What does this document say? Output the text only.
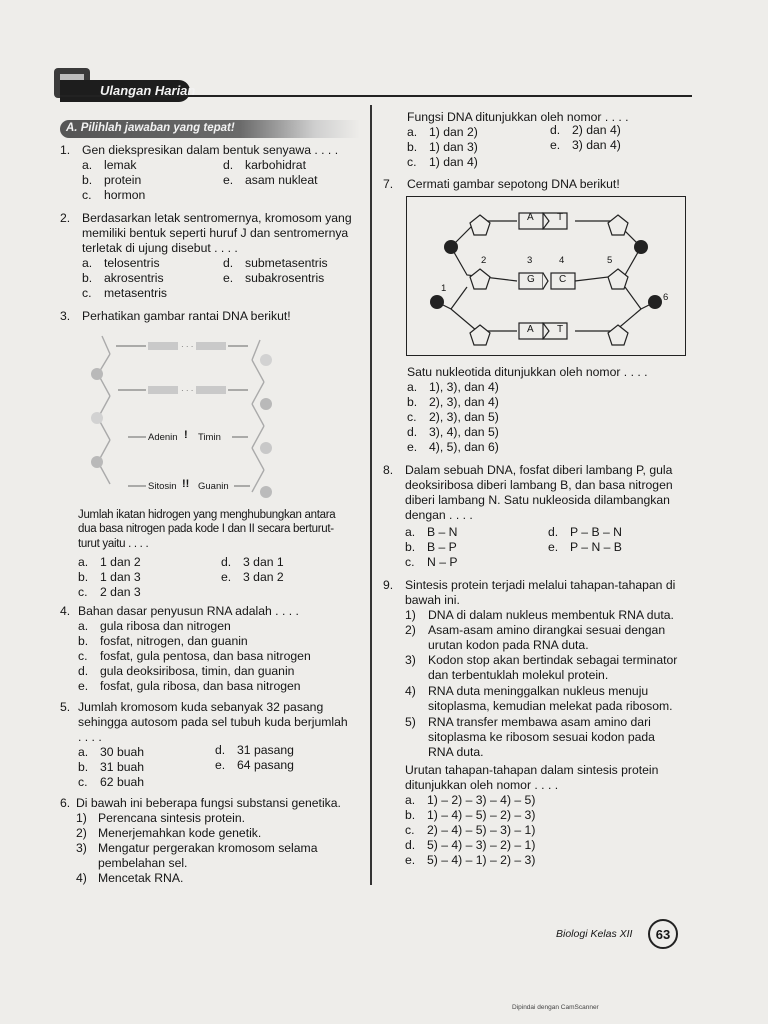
Ulangan Harian
A. Pilihlah jawaban yang tepat!
1. Gen diekspresikan dalam bentuk senyawa . . . .
a. lemak
b. protein
c. hormon
d. karbohidrat
e. asam nukleat
2. Berdasarkan letak sentromernya, kromosom yang
memiliki bentuk seperti huruf J dan sentromernya
terletak di ujung disebut . . . .
a. telosentris
b. akrosentris
c. metasentris
d. submetasentris
e. subakrosentris
3. Perhatikan gambar rantai DNA berikut!
· · ·
· · ·
Adenin ! Timin
Sitosin !! Guanin
Jumlah ikatan hidrogen yang menghubungkan antara
dua basa nitrogen pada kode I dan II secara berturut-
turut yaitu . . . .
a. 1 dan 2
b. 1 dan 3
c. 2 dan 3
d. 3 dan 1
e. 3 dan 2
4. Bahan dasar penyusun RNA adalah . . . .
a. gula ribosa dan nitrogen
b. fosfat, nitrogen, dan guanin
c. fosfat, gula pentosa, dan basa nitrogen
d. gula deoksiribosa, timin, dan guanin
e. fosfat, gula ribosa, dan basa nitrogen
5. Jumlah kromosom kuda sebanyak 32 pasang
sehingga autosom pada sel tubuh kuda berjumlah
. . . .
a. 30 buah
b. 31 buah
c. 62 buah
d. 31 pasang
e. 64 pasang
6. Di bawah ini beberapa fungsi substansi genetika.
1) Perencana sintesis protein.
2) Menerjemahkan kode genetik.
3) Mengatur pergerakan kromosom selama
pembelahan sel.
4) Mencetak RNA.
Fungsi DNA ditunjukkan oleh nomor . . . .
a. 1) dan 2)
b. 1) dan 3)
c. 1) dan 4)
d. 2) dan 4)
e. 3) dan 4)
7. Cermati gambar sepotong DNA berikut!
A T
G C
A T
1
2	3	4	5
6
Satu nukleotida ditunjukkan oleh nomor . . . .
a. 1), 3), dan 4)
b. 2), 3), dan 4)
c. 2), 3), dan 5)
d. 3), 4), dan 5)
e. 4), 5), dan 6)
8. Dalam sebuah DNA, fosfat diberi lambang P, gula
deoksiribosa diberi lambang B, dan basa nitrogen
diberi lambang N. Satu nukleosida dilambangkan
dengan . . . .
a. B – N
b. B – P
c. N – P
d. P – B – N
e. P – N – B
9. Sintesis protein terjadi melalui tahapan-tahapan di
bawah ini.
1) DNA di dalam nukleus membentuk RNA duta.
2) Asam-asam amino dirangkai sesuai dengan
urutan kodon pada RNA duta.
3) Kodon stop akan bertindak sebagai terminator
dan terbentuklah molekul protein.
4) RNA duta meninggalkan nukleus menuju
sitoplasma, kemudian melekat pada ribosom.
5) RNA transfer membawa asam amino dari
sitoplasma ke ribosom sesuai kodon pada
RNA duta.
Urutan tahapan-tahapan dalam sintesis protein
ditunjukkan oleh nomor . . . .
a. 1) – 2) – 3) – 4) – 5)
b. 1) – 4) – 5) – 2) – 3)
c. 2) – 4) – 5) – 3) – 1)
d. 5) – 4) – 3) – 2) – 1)
e. 5) – 4) – 1) – 2) – 3)
Biologi Kelas XII	63
Dipindai dengan CamScanner
